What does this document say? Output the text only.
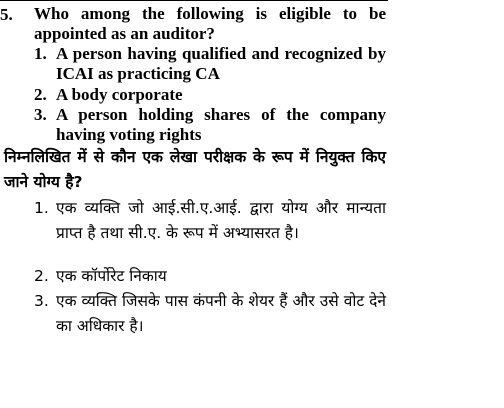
5. Who among the following is eligible to be appointed as an auditor?
1. A person having qualified and recognized by ICAI as practicing CA
2. A body corporate
3. A person holding shares of the company having voting rights
निम्नलिखित में से कौन एक लेखा परीक्षक के रूप में नियुक्त किए जाने योग्य है?
1. एक व्यक्ति जो आई.सी.ए.आई. द्वारा योग्य और मान्यता प्राप्त है तथा सी.ए. के रूप में अभ्यासरत है।
2. एक कॉर्पोरेट निकाय
3. एक व्यक्ति जिसके पास कंपनी के शेयर हैं और उसे वोट देने का अधिकार है।
